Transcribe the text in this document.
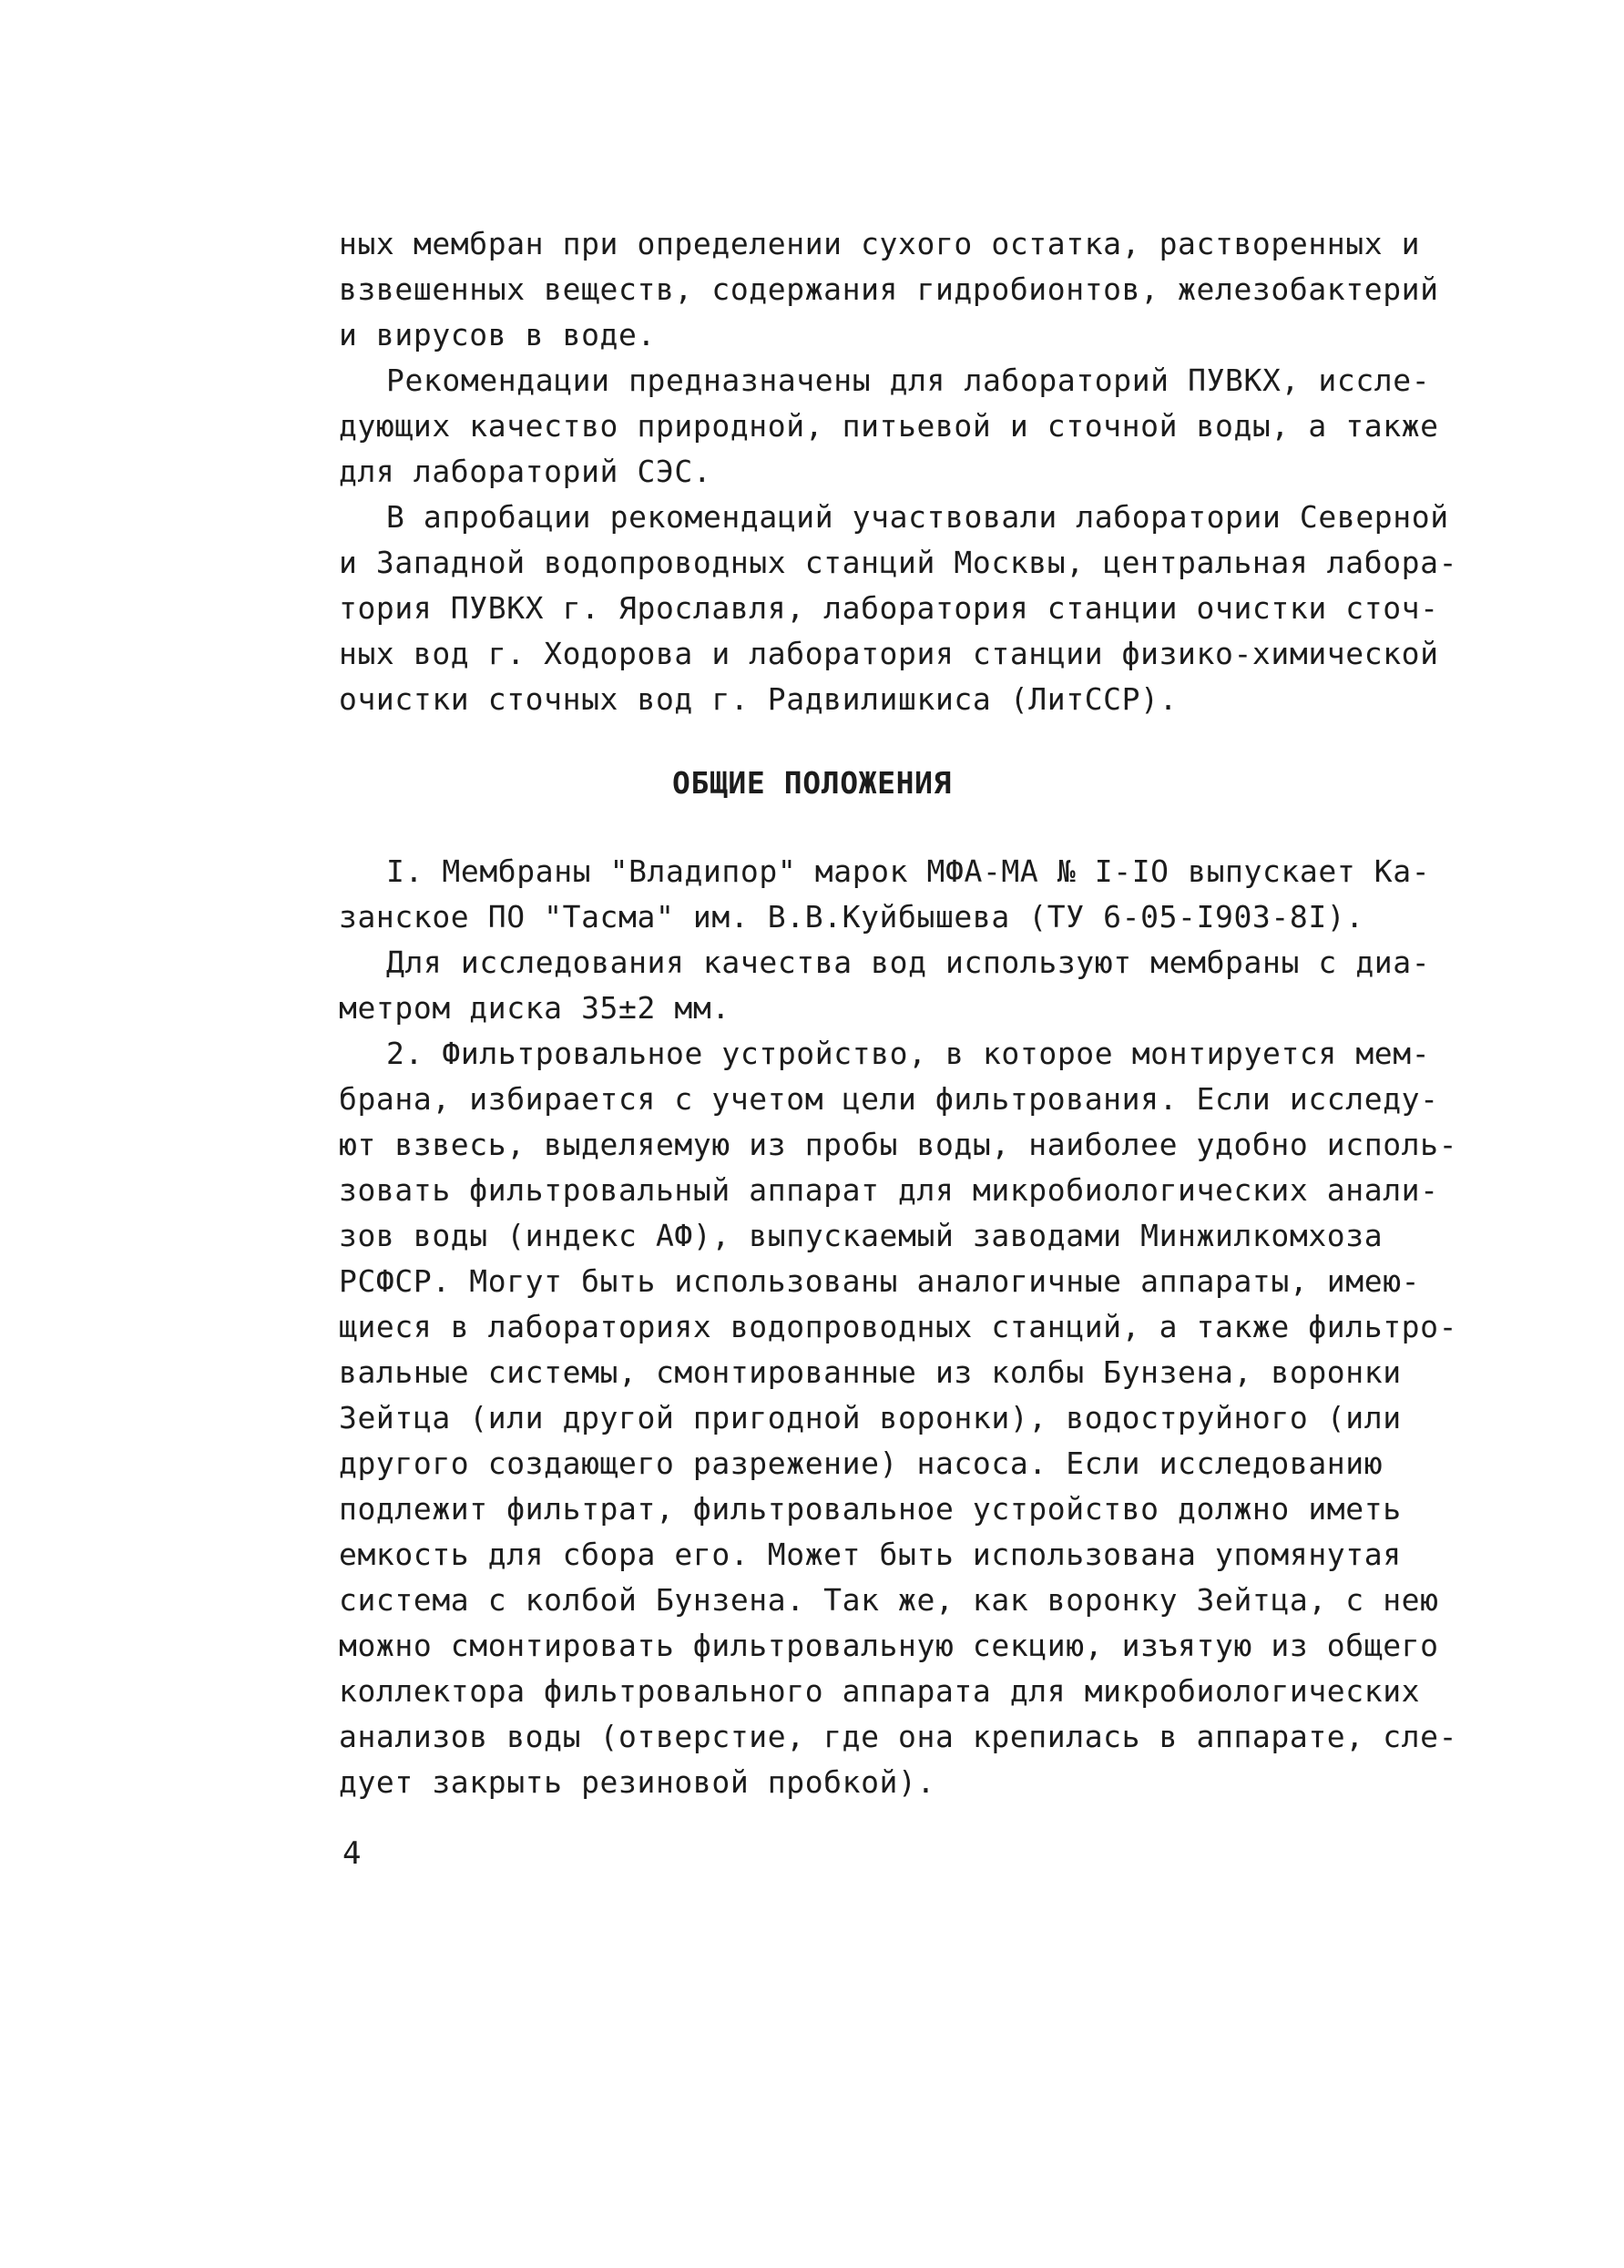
ных мембран при определении сухого остатка, растворенных и
взвешенных веществ, содержания гидробионтов, железобактерий
и вирусов в воде.
Рекомендации предназначены для лабораторий ПУВКХ, иссле-
дующих качество природной, питьевой и сточной воды, а также
для лабораторий СЭС.
В апробации рекомендаций участвовали лаборатории Северной
и Западной водопроводных станций Москвы, центральная лабора-
тория ПУВКХ г. Ярославля, лаборатория станции очистки сточ-
ных вод г. Ходорова и лаборатория станции физико-химической
очистки сточных вод г. Радвилишкиса (ЛитССР).
ОБЩИЕ ПОЛОЖЕНИЯ
I. Мембраны "Владипор" марок МФА-МА № I-IO выпускает Ка-
занское ПО "Тасма" им. В.В.Куйбышева (ТУ 6-05-I903-8I).
Для исследования качества вод используют мембраны с диа-
метром диска 35±2 мм.
2. Фильтровальное устройство, в которое монтируется мем-
брана, избирается с учетом цели фильтрования. Если исследу-
ют взвесь, выделяемую из пробы воды, наиболее удобно исполь-
зовать фильтровальный аппарат для микробиологических анали-
зов воды (индекс АФ), выпускаемый заводами Минжилкомхоза
РСФСР. Могут быть использованы аналогичные аппараты, имею-
щиеся в лабораториях водопроводных станций, а также фильтро-
вальные системы, смонтированные из колбы Бунзена, воронки
Зейтца (или другой пригодной воронки), водоструйного (или
другого создающего разрежение) насоса. Если исследованию
подлежит фильтрат, фильтровальное устройство должно иметь
емкость для сбора его. Может быть использована упомянутая
система с колбой Бунзена. Так же, как воронку Зейтца, с нею
можно смонтировать фильтровальную секцию, изъятую из общего
коллектора фильтровального аппарата для микробиологических
анализов воды (отверстие, где она крепилась в аппарате, сле-
дует закрыть резиновой пробкой).
4
